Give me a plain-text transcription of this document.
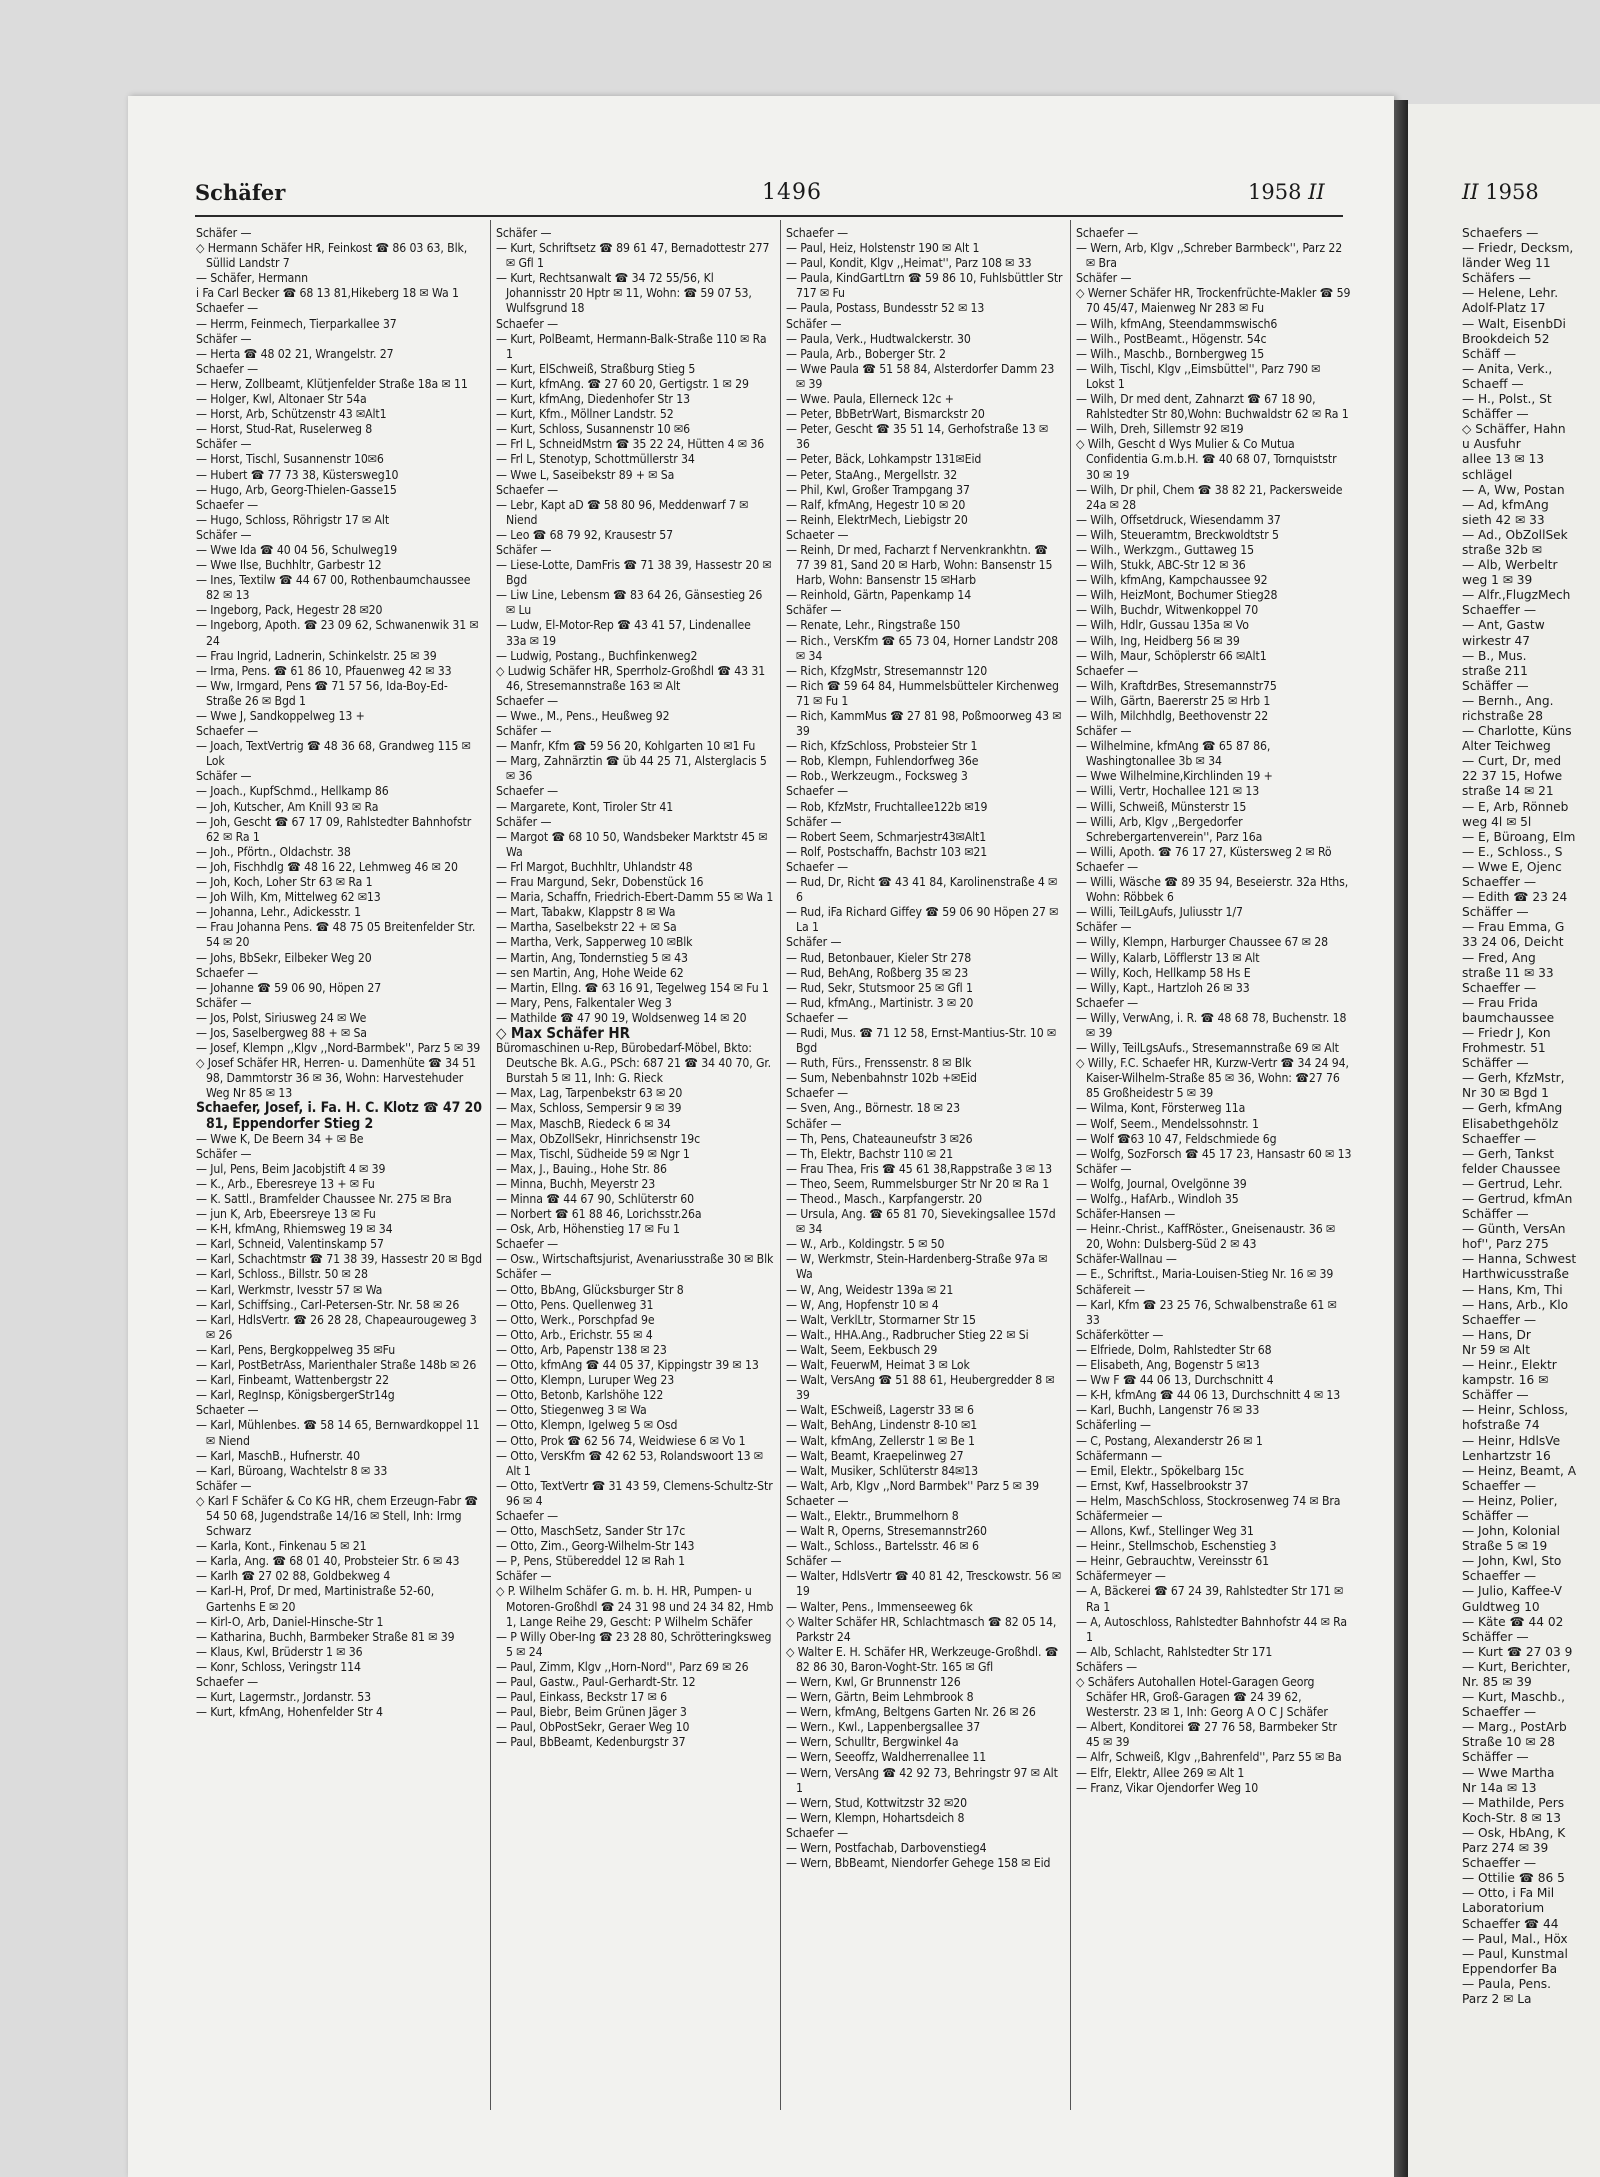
Schäfer	1496	1958 II	II 1958
Schäfer —
◇ Hermann Schäfer HR, Feinkost ☎ 86 03 63, Blk, Süllid Landstr 7
— Schäfer, Hermann
i Fa Carl Becker ☎ 68 13 81,Hikeberg 18 ✉ Wa 1
Schaefer —
— Herrm, Feinmech, Tierparkallee 37
Schäfer —
— Herta ☎ 48 02 21, Wrangelstr. 27
Schaefer —
— Herw, Zollbeamt, Klütjenfelder Straße 18a ✉ 11
— Holger, Kwl, Altonaer Str 54a
— Horst, Arb, Schützenstr 43 ✉Alt1
— Horst, Stud-Rat, Ruselerweg 8
Schäfer —
— Horst, Tischl, Susannenstr 10✉6
— Hubert ☎ 77 73 38, Küstersweg10
— Hugo, Arb, Georg-Thielen-Gasse15
Schaefer —
— Hugo, Schloss, Röhrigstr 17 ✉ Alt
Schäfer —
— Wwe Ida ☎ 40 04 56, Schulweg19
— Wwe Ilse, Buchhltr, Garbestr 12
— Ines, Textilw ☎ 44 67 00, Rothenbaumchaussee 82 ✉ 13
— Ingeborg, Pack, Hegestr 28 ✉20
— Ingeborg, Apoth. ☎ 23 09 62, Schwanenwik 31 ✉ 24
— Frau Ingrid, Ladnerin, Schinkelstr. 25 ✉ 39
— Irma, Pens. ☎ 61 86 10, Pfauenweg 42 ✉ 33
— Ww, Irmgard, Pens ☎ 71 57 56, Ida-Boy-Ed-Straße 26 ✉ Bgd 1
— Wwe J, Sandkoppelweg 13 +
Schaefer —
— Joach, TextVertrig ☎ 48 36 68, Grandweg 115 ✉ Lok
Schäfer —
— Joach., KupfSchmd., Hellkamp 86
— Joh, Kutscher, Am Knill 93 ✉ Ra
— Joh, Gescht ☎ 67 17 09, Rahlstedter Bahnhofstr 62 ✉ Ra 1
— Joh., Pförtn., Oldachstr. 38
— Joh, Fischhdlg ☎ 48 16 22, Lehmweg 46 ✉ 20
— Joh, Koch, Loher Str 63 ✉ Ra 1
— Joh Wilh, Km, Mittelweg 62 ✉13
— Johanna, Lehr., Adickesstr. 1
— Frau Johanna Pens. ☎ 48 75 05 Breitenfelder Str. 54 ✉ 20
— Johs, BbSekr, Eilbeker Weg 20
Schaefer —
— Johanne ☎ 59 06 90, Höpen 27
Schäfer —
— Jos, Polst, Siriusweg 24 ✉ We
— Jos, Saselbergweg 88 + ✉ Sa
— Josef, Klempn ,,Klgv ,,Nord-Barmbek'', Parz 5 ✉ 39
◇ Josef Schäfer HR, Herren- u. Damenhüte ☎ 34 51 98, Dammtorstr 36 ✉ 36, Wohn: Harvestehuder Weg Nr 85 ✉ 13
Schaefer, Josef, i. Fa. H. C. Klotz ☎ 47 20 81, Eppendorfer Stieg 2
— Wwe K, De Beern 34 + ✉ Be
Schäfer —
— Jul, Pens, Beim Jacobjstift 4 ✉ 39
— K., Arb., Eberesreye 13 + ✉ Fu
— K. Sattl., Bramfelder Chaussee Nr. 275 ✉ Bra
— jun K, Arb, Ebeersreye 13 ✉ Fu
— K-H, kfmAng, Rhiemsweg 19 ✉ 34
— Karl, Schneid, Valentinskamp 57
— Karl, Schachtmstr ☎ 71 38 39, Hassestr 20 ✉ Bgd
— Karl, Schloss., Billstr. 50 ✉ 28
— Karl, Werkmstr, Ivesstr 57 ✉ Wa
— Karl, Schiffsing., Carl-Petersen-Str. Nr. 58 ✉ 26
— Karl, HdlsVertr. ☎ 26 28 28, Chapeaurougeweg 3 ✉ 26
— Karl, Pens, Bergkoppelweg 35 ✉Fu
— Karl, PostBetrAss, Marienthaler Straße 148b ✉ 26
— Karl, Finbeamt, Wattenbergstr 22
— Karl, RegInsp, KönigsbergerStr14g
Schaeter —
— Karl, Mühlenbes. ☎ 58 14 65, Bernwardkoppel 11 ✉ Niend
— Karl, MaschB., Hufnerstr. 40
— Karl, Büroang, Wachtelstr 8 ✉ 33
Schäfer —
◇ Karl F Schäfer & Co KG HR, chem Erzeugn-Fabr ☎ 54 50 68, Jugendstraße 14/16 ✉ Stell, Inh: Irmg Schwarz
— Karla, Kont., Finkenau 5 ✉ 21
— Karla, Ang. ☎ 68 01 40, Probsteier Str. 6 ✉ 43
— Karlh ☎ 27 02 88, Goldbekweg 4
— Karl-H, Prof, Dr med, Martinistraße 52-60, Gartenhs E ✉ 20
— Kirl-O, Arb, Daniel-Hinsche-Str 1
— Katharina, Buchh, Barmbeker Straße 81 ✉ 39
— Klaus, Kwl, Brüderstr 1 ✉ 36
— Konr, Schloss, Veringstr 114
Schaefer —
— Kurt, Lagermstr., Jordanstr. 53
— Kurt, kfmAng, Hohenfelder Str 4
Schäfer —
— Kurt, Schriftsetz ☎ 89 61 47, Bernadottestr 277 ✉ Gfl 1
— Kurt, Rechtsanwalt ☎ 34 72 55/56, Kl Johannisstr 20 Hptr ✉ 11, Wohn: ☎ 59 07 53, Wulfsgrund 18
Schaefer —
— Kurt, PolBeamt, Hermann-Balk-Straße 110 ✉ Ra 1
— Kurt, ElSchweiß, Straßburg Stieg 5
— Kurt, kfmAng. ☎ 27 60 20, Gertigstr. 1 ✉ 29
— Kurt, kfmAng, Diedenhofer Str 13
— Kurt, Kfm., Möllner Landstr. 52
— Kurt, Schloss, Susannenstr 10 ✉6
— Frl L, SchneidMstrn ☎ 35 22 24, Hütten 4 ✉ 36
— Frl L, Stenotyp, Schottmüllerstr 34
— Wwe L, Saseibekstr 89 + ✉ Sa
Schaefer —
— Lebr, Kapt aD ☎ 58 80 96, Meddenwarf 7 ✉ Niend
— Leo ☎ 68 79 92, Krausestr 57
Schäfer —
— Liese-Lotte, DamFris ☎ 71 38 39, Hassestr 20 ✉ Bgd
— Liw Line, Lebensm ☎ 83 64 26, Gänsestieg 26 ✉ Lu
— Ludw, El-Motor-Rep ☎ 43 41 57, Lindenallee 33a ✉ 19
— Ludwig, Postang., Buchfinkenweg2
◇ Ludwig Schäfer HR, Sperrholz-Großhdl ☎ 43 31 46, Stresemannstraße 163 ✉ Alt
Schaefer —
— Wwe., M., Pens., Heußweg 92
Schäfer —
— Manfr, Kfm ☎ 59 56 20, Kohlgarten 10 ✉1 Fu
— Marg, Zahnärztin ☎ üb 44 25 71, Alsterglacis 5 ✉ 36
Schaefer —
— Margarete, Kont, Tiroler Str 41
Schäfer —
— Margot ☎ 68 10 50, Wandsbeker Marktstr 45 ✉ Wa
— Frl Margot, Buchhltr, Uhlandstr 48
— Frau Margund, Sekr, Dobenstück 16
— Maria, Schaffn, Friedrich-Ebert-Damm 55 ✉ Wa 1
— Mart, Tabakw, Klappstr 8 ✉ Wa
— Martha, Saselbekstr 22 + ✉ Sa
— Martha, Verk, Sapperweg 10 ✉Blk
— Martin, Ang, Tondernstieg 5 ✉ 43
— sen Martin, Ang, Hohe Weide 62
— Martin, Ellng. ☎ 63 16 91, Tegelweg 154 ✉ Fu 1
— Mary, Pens, Falkentaler Weg 3
— Mathilde ☎ 47 90 19, Woldsenweg 14 ✉ 20
◇ Max Schäfer HR
Büromaschinen u-Rep, Bürobedarf-Möbel, Bkto: Deutsche Bk. A.G., PSch: 687 21 ☎ 34 40 70, Gr. Burstah 5 ✉ 11, Inh: G. Rieck
— Max, Lag, Tarpenbekstr 63 ✉ 20
— Max, Schloss, Sempersir 9 ✉ 39
— Max, MaschB, Riedeck 6 ✉ 34
— Max, ObZollSekr, Hinrichsenstr 19c
— Max, Tischl, Südheide 59 ✉ Ngr 1
— Max, J., Bauing., Hohe Str. 86
— Minna, Buchh, Meyerstr 23
— Minna ☎ 44 67 90, Schlüterstr 60
— Norbert ☎ 61 88 46, Lorichsstr.26a
— Osk, Arb, Höhenstieg 17 ✉ Fu 1
Schaefer —
— Osw., Wirtschaftsjurist, Avenariusstraße 30 ✉ Blk
Schäfer —
— Otto, BbAng, Glücksburger Str 8
— Otto, Pens. Quellenweg 31
— Otto, Werk., Porschpfad 9e
— Otto, Arb., Erichstr. 55 ✉ 4
— Otto, Arb, Papenstr 138 ✉ 23
— Otto, kfmAng ☎ 44 05 37, Kippingstr 39 ✉ 13
— Otto, Klempn, Luruper Weg 23
— Otto, Betonb, Karlshöhe 122
— Otto, Stiegenweg 3 ✉ Wa
— Otto, Klempn, Igelweg 5 ✉ Osd
— Otto, Prok ☎ 62 56 74, Weidwiese 6 ✉ Vo 1
— Otto, VersKfm ☎ 42 62 53, Rolandswoort 13 ✉ Alt 1
— Otto, TextVertr ☎ 31 43 59, Clemens-Schultz-Str 96 ✉ 4
Schaefer —
— Otto, MaschSetz, Sander Str 17c
— Otto, Zim., Georg-Wilhelm-Str 143
— P, Pens, Stübereddel 12 ✉ Rah 1
Schäfer —
◇ P. Wilhelm Schäfer G. m. b. H. HR, Pumpen- u Motoren-Großhdl ☎ 24 31 98 und 24 34 82, Hmb 1, Lange Reihe 29, Gescht: P Wilhelm Schäfer
— P Willy Ober-Ing ☎ 23 28 80, Schrötteringksweg 5 ✉ 24
— Paul, Zimm, Klgv ,,Horn-Nord'', Parz 69 ✉ 26
— Paul, Gastw., Paul-Gerhardt-Str. 12
— Paul, Einkass, Beckstr 17 ✉ 6
— Paul, Biebr, Beim Grünen Jäger 3
— Paul, ObPostSekr, Geraer Weg 10
— Paul, BbBeamt, Kedenburgstr 37
Schaefer —
— Paul, Heiz, Holstenstr 190 ✉ Alt 1
— Paul, Kondit, Klgv ,,Heimat'', Parz 108 ✉ 33
— Paula, KindGartLtrn ☎ 59 86 10, Fuhlsbüttler Str 717 ✉ Fu
— Paula, Postass, Bundesstr 52 ✉ 13
Schäfer —
— Paula, Verk., Hudtwalckerstr. 30
— Paula, Arb., Boberger Str. 2
— Wwe Paula ☎ 51 58 84, Alsterdorfer Damm 23 ✉ 39
— Wwe. Paula, Ellerneck 12c +
— Peter, BbBetrWart, Bismarckstr 20
— Peter, Gescht ☎ 35 51 14, Gerhofstraße 13 ✉ 36
— Peter, Bäck, Lohkampstr 131✉Eid
— Peter, StaAng., Mergellstr. 32
— Phil, Kwl, Großer Trampgang 37
— Ralf, kfmAng, Hegestr 10 ✉ 20
— Reinh, ElektrMech, Liebigstr 20
Schaeter —
— Reinh, Dr med, Facharzt f Nervenkrankhtn. ☎ 77 39 81, Sand 20 ✉ Harb, Wohn: Bansenstr 15 Harb, Wohn: Bansenstr 15 ✉Harb
— Reinhold, Gärtn, Papenkamp 14
Schäfer —
— Renate, Lehr., Ringstraße 150
— Rich., VersKfm ☎ 65 73 04, Horner Landstr 208 ✉ 34
— Rich, KfzgMstr, Stresemannstr 120
— Rich ☎ 59 64 84, Hummelsbütteler Kirchenweg 71 ✉ Fu 1
— Rich, KammMus ☎ 27 81 98, Poßmoorweg 43 ✉ 39
— Rich, KfzSchloss, Probsteier Str 1
— Rob, Klempn, Fuhlendorfweg 36e
— Rob., Werkzeugm., Focksweg 3
Schaefer —
— Rob, KfzMstr, Fruchtallee122b ✉19
Schäfer —
— Robert Seem, Schmarjestr43✉Alt1
— Rolf, Postschaffn, Bachstr 103 ✉21
Schaefer —
— Rud, Dr, Richt ☎ 43 41 84, Karolinenstraße 4 ✉6
— Rud, iFa Richard Giffey ☎ 59 06 90 Höpen 27 ✉ La 1
Schäfer —
— Rud, Betonbauer, Kieler Str 278
— Rud, BehAng, Roßberg 35 ✉ 23
— Rud, Sekr, Stutsmoor 25 ✉ Gfl 1
— Rud, kfmAng., Martinistr. 3 ✉ 20
Schaefer —
— Rudi, Mus. ☎ 71 12 58, Ernst-Mantius-Str. 10 ✉ Bgd
— Ruth, Fürs., Frenssenstr. 8 ✉ Blk
— Sum, Nebenbahnstr 102b +✉Eid
Schaefer —
— Sven, Ang., Börnestr. 18 ✉ 23
Schäfer —
— Th, Pens, Chateauneufstr 3 ✉26
— Th, Elektr, Bachstr 110 ✉ 21
— Frau Thea, Fris ☎ 45 61 38,Rappstraße 3 ✉ 13
— Theo, Seem, Rummelsburger Str Nr 20 ✉ Ra 1
— Theod., Masch., Karpfangerstr. 20
— Ursula, Ang. ☎ 65 81 70, Sievekingsallee 157d ✉ 34
— W., Arb., Koldingstr. 5 ✉ 50
— W, Werkmstr, Stein-Hardenberg-Straße 97a ✉ Wa
— W, Ang, Weidestr 139a ✉ 21
— W, Ang, Hopfenstr 10 ✉ 4
— Walt, VerklLtr, Stormarner Str 15
— Walt., HHA.Ang., Radbrucher Stieg 22 ✉ Si
— Walt, Seem, Eekbusch 29
— Walt, FeuerwM, Heimat 3 ✉ Lok
— Walt, VersAng ☎ 51 88 61, Heubergredder 8 ✉ 39
— Walt, ESchweiß, Lagerstr 33 ✉ 6
— Walt, BehAng, Lindenstr 8-10 ✉1
— Walt, kfmAng, Zellerstr 1 ✉ Be 1
— Walt, Beamt, Kraepelinweg 27
— Walt, Musiker, Schlüterstr 84✉13
— Walt, Arb, Klgv ,,Nord Barmbek'' Parz 5 ✉ 39
Schaeter —
— Walt., Elektr., Brummelhorn 8
— Walt R, Operns, Stresemannstr260
— Walt., Schloss., Bartelsstr. 46 ✉ 6
Schäfer —
— Walter, HdlsVertr ☎ 40 81 42, Tresckowstr. 56 ✉ 19
— Walter, Pens., Immenseeweg 6k
◇ Walter Schäfer HR, Schlachtmasch ☎ 82 05 14, Parkstr 24
◇ Walter E. H. Schäfer HR, Werkzeuge-Großhdl. ☎ 82 86 30, Baron-Voght-Str. 165 ✉ Gfl
— Wern, Kwl, Gr Brunnenstr 126
— Wern, Gärtn, Beim Lehmbrook 8
— Wern, kfmAng, Beltgens Garten Nr. 26 ✉ 26
— Wern., Kwl., Lappenbergsallee 37
— Wern, Schulltr, Bergwinkel 4a
— Wern, Seeoffz, Waldherrenallee 11
— Wern, VersAng ☎ 42 92 73, Behringstr 97 ✉ Alt 1
— Wern, Stud, Kottwitzstr 32 ✉20
— Wern, Klempn, Hohartsdeich 8
Schaefer —
— Wern, Postfachab, Darbovenstieg4
— Wern, BbBeamt, Niendorfer Gehege 158 ✉ Eid
Schaefer —
— Wern, Arb, Klgv ,,Schreber Barmbeck'', Parz 22 ✉ Bra
Schäfer —
◇ Werner Schäfer HR, Trockenfrüchte-Makler ☎ 59 70 45/47, Maienweg Nr 283 ✉ Fu
— Wilh, kfmAng, Steendammswisch6
— Wilh., PostBeamt., Högenstr. 54c
— Wilh., Maschb., Bornbergweg 15
— Wilh, Tischl, Klgv ,,Eimsbüttel'', Parz 790 ✉ Lokst 1
— Wilh, Dr med dent, Zahnarzt ☎ 67 18 90, Rahlstedter Str 80,Wohn: Buchwaldstr 62 ✉ Ra 1
— Wilh, Dreh, Sillemstr 92 ✉19
◇ Wilh, Gescht d Wys Mulier & Co Mutua Confidentia G.m.b.H. ☎ 40 68 07, Tornquiststr 30 ✉ 19
— Wilh, Dr phil, Chem ☎ 38 82 21, Packersweide 24a ✉ 28
— Wilh, Offsetdruck, Wiesendamm 37
— Wilh, Steueramtm, Breckwoldtstr 5
— Wilh., Werkzgm., Guttaweg 15
— Wilh, Stukk, ABC-Str 12 ✉ 36
— Wilh, kfmAng, Kampchaussee 92
— Wilh, HeizMont, Bochumer Stieg28
— Wilh, Buchdr, Witwenkoppel 70
— Wilh, Hdlr, Gussau 135a ✉ Vo
— Wilh, Ing, Heidberg 56 ✉ 39
— Wilh, Maur, Schöplerstr 66 ✉Alt1
Schaefer —
— Wilh, KraftdrBes, Stresemannstr75
— Wilh, Gärtn, Baererstr 25 ✉ Hrb 1
— Wilh, Milchhdlg, Beethovenstr 22
Schäfer —
— Wilhelmine, kfmAng ☎ 65 87 86, Washingtonallee 3b ✉ 34
— Wwe Wilhelmine,Kirchlinden 19 +
— Willi, Vertr, Hochallee 121 ✉ 13
— Willi, Schweiß, Münsterstr 15
— Willi, Arb, Klgv ,,Bergedorfer Schrebergartenverein'', Parz 16a
— Willi, Apoth. ☎ 76 17 27, Küstersweg 2 ✉ Rö
Schaefer —
— Willi, Wäsche ☎ 89 35 94, Beseierstr. 32a Hths, Wohn: Röbbek 6
— Willi, TeilLgAufs, Juliusstr 1/7
Schäfer —
— Willy, Klempn, Harburger Chaussee 67 ✉ 28
— Willy, Kalarb, Löfflerstr 13 ✉ Alt
— Willy, Koch, Hellkamp 58 Hs E
— Willy, Kapt., Hartzloh 26 ✉ 33
Schaefer —
— Willy, VerwAng, i. R. ☎ 48 68 78, Buchenstr. 18 ✉ 39
— Willy, TeilLgsAufs., Stresemannstraße 69 ✉ Alt
◇ Willy, F.C. Schaefer HR, Kurzw-Vertr ☎ 34 24 94, Kaiser-Wilhelm-Straße 85 ✉ 36, Wohn: ☎27 76 85 Großheidestr 5 ✉ 39
— Wilma, Kont, Försterweg 11a
— Wolf, Seem., Mendelssohnstr. 1
— Wolf ☎63 10 47, Feldschmiede 6g
— Wolfg, SozForsch ☎ 45 17 23, Hansastr 60 ✉ 13
Schäfer —
— Wolfg, Journal, Ovelgönne 39
— Wolfg., HafArb., Windloh 35
Schäfer-Hansen —
— Heinr.-Christ., KaffRöster., Gneisenaustr. 36 ✉ 20, Wohn: Dulsberg-Süd 2 ✉ 43
Schäfer-Wallnau —
— E., Schriftst., Maria-Louisen-Stieg Nr. 16 ✉ 39
Schäfereit —
— Karl, Kfm ☎ 23 25 76, Schwalbenstraße 61 ✉ 33
Schäferkötter —
— Elfriede, Dolm, Rahlstedter Str 68
— Elisabeth, Ang, Bogenstr 5 ✉13
— Ww F ☎ 44 06 13, Durchschnitt 4
— K-H, kfmAng ☎ 44 06 13, Durchschnitt 4 ✉ 13
— Karl, Buchh, Langenstr 76 ✉ 33
Schäferling —
— C, Postang, Alexanderstr 26 ✉ 1
Schäfermann —
— Emil, Elektr., Spökelbarg 15c
— Ernst, Kwf, Hasselbrookstr 37
— Helm, MaschSchloss, Stockrosenweg 74 ✉ Bra
Schäfermeier —
— Allons, Kwf., Stellinger Weg 31
— Heinr., Stellmschob, Eschenstieg 3
— Heinr, Gebrauchtw, Vereinsstr 61
Schäfermeyer —
— A, Bäckerei ☎ 67 24 39, Rahlstedter Str 171 ✉ Ra 1
— A, Autoschloss, Rahlstedter Bahnhofstr 44 ✉ Ra 1
— Alb, Schlacht, Rahlstedter Str 171
Schäfers —
◇ Schäfers Autohallen Hotel-Garagen Georg Schäfer HR, Groß-Garagen ☎ 24 39 62, Westerstr. 23 ✉ 1, Inh: Georg A O C J Schäfer
— Albert, Konditorei ☎ 27 76 58, Barmbeker Str 45 ✉ 39
— Alfr, Schweiß, Klgv ,,Bahrenfeld'', Parz 55 ✉ Ba
— Elfr, Elektr, Allee 269 ✉ Alt 1
— Franz, Vikar Ojendorfer Weg 10
Schaefers —
— Friedr, Decksm,
länder Weg 11
Schäfers —
— Helene, Lehr.
Adolf-Platz 17
— Walt, EisenbDi
Brookdeich 52
Schäff —
— Anita, Verk.,
Schaeff —
— H., Polst., St
Schäffer —
◇ Schäffer, Hahn
u Ausfuhr
allee 13 ✉ 13
schlägel
— A, Ww, Postan
— Ad, kfmAng
sieth 42 ✉ 33
— Ad., ObZollSek
straße 32b ✉
— Alb, Werbeltr
weg 1 ✉ 39
— Alfr.,FlugzMech
Schaeffer —
— Ant, Gastw
wirkestr 47
— B., Mus.
straße 211
Schäffer —
— Bernh., Ang.
richstraße 28
— Charlotte, Küns
Alter Teichweg
— Curt, Dr, med
22 37 15, Hofwe
straße 14 ✉ 21
— E, Arb, Rönneb
weg 4l ✉ 5l
— E, Büroang, Elm
— E., Schloss., S
— Wwe E, Ojenc
Schaeffer —
— Edith ☎ 23 24
Schäffer —
— Frau Emma, G
33 24 06, Deicht
— Fred, Ang
straße 11 ✉ 33
Schaeffer —
— Frau Frida
baumchaussee
— Friedr J, Kon
Frohmestr. 51
Schäffer —
— Gerh, KfzMstr,
Nr 30 ✉ Bgd 1
— Gerh, kfmAng
Elisabethgehölz
Schaeffer —
— Gerh, Tankst
felder Chaussee
— Gertrud, Lehr.
— Gertrud, kfmAn
Schäffer —
— Günth, VersAn
hof'', Parz 275
— Hanna, Schwest
Harthwicusstraße
— Hans, Km, Thi
— Hans, Arb., Klo
Schaeffer —
— Hans, Dr
Nr 59 ✉ Alt
— Heinr., Elektr
kampstr. 16 ✉
Schäffer —
— Heinr, Schloss,
hofstraße 74
— Heinr, HdlsVe
Lenhartzstr 16
— Heinz, Beamt, A
Schaeffer —
— Heinz, Polier,
Schäffer —
— John, Kolonial
Straße 5 ✉ 19
— John, Kwl, Sto
Schaeffer —
— Julio, Kaffee-V
Guldtweg 10
— Käte ☎ 44 02
Schäffer —
— Kurt ☎ 27 03 9
— Kurt, Berichter,
Nr. 85 ✉ 39
— Kurt, Maschb.,
Schaeffer —
— Marg., PostArb
Straße 10 ✉ 28
Schäffer —
— Wwe Martha
Nr 14a ✉ 13
— Mathilde, Pers
Koch-Str. 8 ✉ 13
— Osk, HbAng, K
Parz 274 ✉ 39
Schaeffer —
— Ottilie ☎ 86 5
— Otto, i Fa Mil
Laboratorium
Schaeffer ☎ 44
— Paul, Mal., Höx
— Paul, Kunstmal
Eppendorfer Ba
— Paula, Pens.
Parz 2 ✉ La
